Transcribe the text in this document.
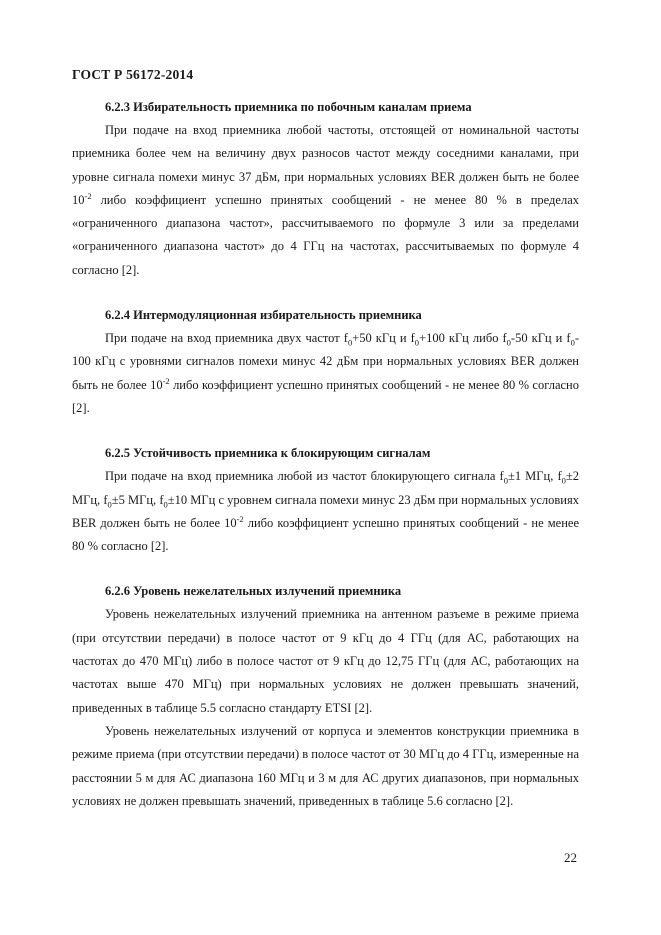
ГОСТ Р 56172-2014

6.2.3 Избирательность приемника по побочным каналам приема

При подаче на вход приемника любой частоты, отстоящей от номинальной частоты приемника более чем на величину двух разносов частот между соседними каналами, при уровне сигнала помехи минус 37 дБм, при нормальных условиях BER должен быть не более $10^{-2}$ либо коэффициент успешно принятых сообщений - не менее 80 % в пределах «ограниченного диапазона частот», рассчитываемого по формуле 3 или за пределами «ограниченного диапазона частот» до 4 ГГц на частотах, рассчитываемых по формуле 4 согласно [2].

6.2.4 Интермодуляционная избирательность приемника

При подаче на вход приемника двух частот $f_0+50$ кГц и $f_0+100$ кГц либо $f_0-50$ кГц и $f_0-100$ кГц с уровнями сигналов помехи минус 42 дБм при нормальных условиях BER должен быть не более $10^{-2}$ либо коэффициент успешно принятых сообщений - не менее 80 % согласно [2].

6.2.5 Устойчивость приемника к блокирующим сигналам

При подаче на вход приемника любой из частот блокирующего сигнала $f_0\pm 1$ МГц, $f_0\pm 2$ МГц, $f_0\pm 5$ МГц, $f_0\pm 10$ МГц с уровнем сигнала помехи минус 23 дБм при нормальных условиях BER должен быть не более $10^{-2}$ либо коэффициент успешно принятых сообщений - не менее 80 % согласно [2].

6.2.6 Уровень нежелательных излучений приемника

Уровень нежелательных излучений приемника на антенном разъеме в режиме приема (при отсутствии передачи) в полосе частот от 9 кГц до 4 ГГц (для АС, работающих на частотах до 470 МГц) либо в полосе частот от 9 кГц до 12,75 ГГц (для АС, работающих на частотах выше 470 МГц) при нормальных условиях не должен превышать значений, приведенных в таблице 5.5 согласно стандарту ETSI [2].

Уровень нежелательных излучений от корпуса и элементов конструкции приемника в режиме приема (при отсутствии передачи) в полосе частот от 30 МГц до 4 ГГц, измеренные на расстоянии 5 м для АС диапазона 160 МГц и 3 м для АС других диапазонов, при нормальных условиях не должен превышать значений, приведенных в таблице 5.6 согласно [2].

22
